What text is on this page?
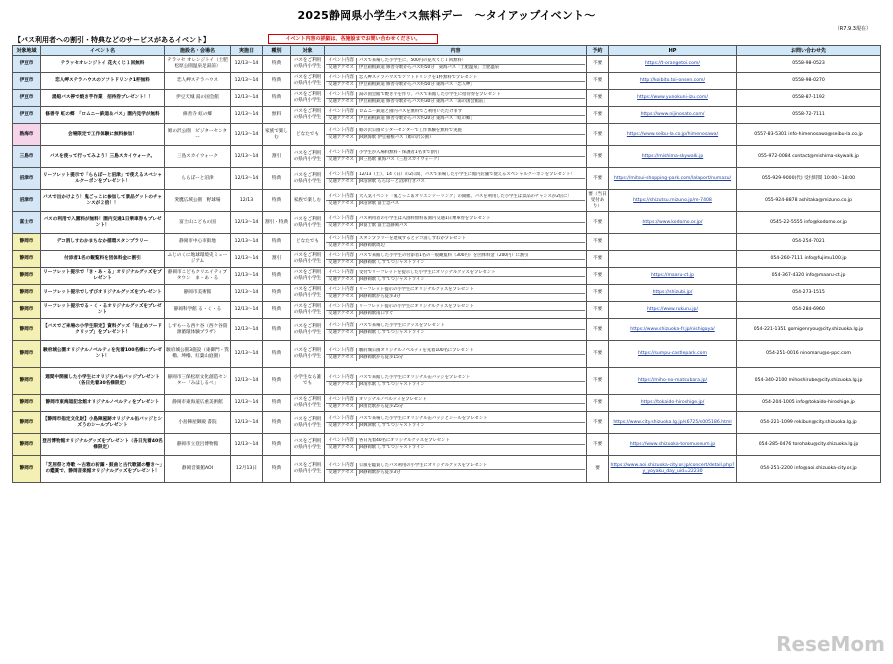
2025静岡県小学生バス無料デー　～タイアップイベント～
（R7.9.3現在）
【バス利用者への割引・特典などのサービスがあるイベント】	イベント内容の詳細は、各施設までお問い合わせください。
対象地域	イベント名	施設名・会場名	実施日	種別	対象	内容	予約	HP	お問い合わせ先
伊豆市	テラッセオレンジトイ 花火くじ１回無料	テラッセ オレンジトイ（土肥松原公園温泉足湯前）	12/13～14	特典	バスをご利用の県内小学生	イベント内容 バスで来場した小学生に、500円の花火くじ１回無料！
交通アクセス 伊豆箱根鉄道 修善寺駅からバス約50分　東海バス「土肥温泉」土肥温泉	不要	https://t-orangetoi.com/	0558-98-0523
伊豆市	恋人岬ステラハウスのソフトドリンク1杯無料	恋人岬ステラハウス	12/13～14	特典	バスをご利用の県内小学生	イベント内容 恋人岬ステラハウスでソフトドリンクを1杯無料でプレゼント
交通アクセス 伊豆箱根鉄道 修善寺駅からバス約50分 東海バス「恋人岬」	不要	http://koibito.toi-onsen.com/	0558-98-0270
伊豆市	湯船バス停で焼き芋作業　招待券プレゼント！！	伊豆天城 湯の国会館	12/13～14	特典	バスをご利用の県内小学生	イベント内容 湯の国会館で焼き芋を作り、バスで来館した小学生に招待券をプレゼント
交通アクセス 伊豆箱根鉄道 修善寺駅からバス約30分 東海バス「湯の国会館前」	不要	https://www.yunokuni-izu.com/	0558-87-1192
伊豆市	修善寺 虹の郷　「ロムニー鉄道＆バス」園内見学が無料	修善寺 虹の郷	12/13～14	無料	バスをご利用の県内小学生	イベント内容 ロムニー鉄道と園内バスを無料でご利用いただけます
交通アクセス 伊豆箱根鉄道 修善寺駅からバス約20分 東海バス「虹の郷」	不要	https://www.nijinosato.com/	0558-72-7111
熱海市	会場限定で工作体験に無料参加！	姫の沢公園　ビジターセンター	12/13～14	家族で楽しむ	どなたでも	イベント内容 姫の沢公園ビジターセンターで工作体験を無料で実施
交通アクセス JR熱海駅 伊豆箱根バス（姫の沢公園）	不要	https://www.seibu-la.co.jp/himenosawa/	0557-83-5301 info-himenosawa@seibu-la.co.jp
三島市	バスを使って行ってみよう！三島スカイウォーク。	三島スカイウォーク	12/13～14	割引	バスをご利用の県内小学生	イベント内容 小学生が入場料無料・保護者1名まで割引
交通アクセス JR三島駅 東海バス（三島スカイウォーク）	不要	https://mishima-skywalk.jp	055-972-0084 contact@mishima-skywalk.jp
沼津市	リーフレット提示で「ららぽーと沼津」で使えるスペシャルクーポンをプレゼント！	ららぽーと沼津	12/13～14	特典	バスをご利用の県内小学生	イベント内容 12/13（土）、14（日）の2日間、バスで来場した小学生に館内店舗で使えるスペシャルクーポンをプレゼント！
交通アクセス JR沼津駅 ららぽーと沼津行きバス	不要	https://mitsui-shopping-park.com/lalaport/numazu/	055-929-9000(代) 受付時間 10:00～18:00
沼津市	バスで出かけよう！鬼ごっこに参加して景品ゲットのチャンスが２倍！！	愛鷹広域公園　野球場	12/13	特典	家族で楽しむ	イベント内容 大人気イベント「鬼ごっこ＆オリエンテーリング」の開催。バスを利用した小学生は景品のチャンスが2倍に！
交通アクセス JR沼津駅 富士急バス	要（当日受付あり）	https://shizutsu.mizuno.jp/m-7408	055-924-8878 ashitaka@mizuno.co.jp
富士市	バスの利用で入園料が無料！園内交通1日乗車券もプレゼント！	富士山こどもの国	12/13～14	割引・特典	バスをご利用の県内小学生	イベント内容 バス利用者の小学生は入園料無料＆園内交通1日乗車券をプレゼント
交通アクセス JR富士駅 富士急静岡バス	不要	https://www.kodomo.or.jp/	0545-22-5555 info@kodomo.or.jp
静岡市	デコ消しすわかまちなか循環スタンプラリー	静岡市中心市街地	12/13～14	特典	どなたでも	イベント内容 スタンプラリーを達成するとデコ消しすわかプレゼント
交通アクセス JR静岡駅周辺	不要		054-254-7021
静岡市	付添者1名の観覧料を団体料金に割引	ふじのくに地球環境史ミュージアム	12/13～14	割引	バスをご利用の県内小学生	イベント内容 バスで来館した小学生の付添者1名の一般観覧料（300円）を団体料金（200円）に割引
交通アクセス JR静岡駅 しずてつジャストライン	不要		054-260-7111 info@fujimu100.jp
静岡市	リーフレット提示で「き・あ・る」オリジナルグッズをプレゼント	静岡市こどもクリエイティブタウン　ま・あ・る	12/13～14	特典	バスをご利用の県内小学生	イベント内容 受付でリーフレットを提示した小学生にオリジナルグッズをプレゼント
交通アクセス JR静岡駅 しずてつジャストライン	不要	https://maaru-ct.jp	054-367-4320 info@maaru-ct.jp
静岡市	リーフレット提示でしずびオリジナルグッズをプレゼント	静岡市美術館	12/13～14	特典	バスをご利用の県内小学生	イベント内容 リーフレット提示の小学生にオリジナルグッズをプレゼント
交通アクセス JR静岡駅から徒歩3分	不要	https://shizubi.jp/	054-273-1515
静岡市	リーフレット提示でる・く・るオリジナルグッズをプレゼント	静岡科学館 る・く・る	12/13～14	特典	バスをご利用の県内小学生	イベント内容 リーフレット提示の小学生にオリジナルグッズをプレゼント
交通アクセス JR静岡駅南口すぐ	不要	https://www.rukuru.jp/	054-284-6960
静岡市	【バスでご来場の小学生限定】資料グッズ「缶止めフードクリップ」をプレゼント！	しずもーる西ケ谷（西ケ谷資源循環体験プラザ）	12/13～14	特典	バスをご利用の県内小学生	イベント内容 バスで来場した小学生にグッズをプレゼント
交通アクセス JR静岡駅 しずてつジャストライン	不要	https://www.shizuoka-fr.jp/nishigaya/	054-221-1351 gomigenryou@city.shizuoka.lg.jp
静岡市	駿府城公園オリジナルノベルティを先着100名様にプレゼント！	駿府城公園3施設（東御門・巽櫓、坤櫓、紅葉山庭園）	12/13～14	特典	バスをご利用の県内小学生	イベント内容 駿府城公園オリジナルノベルティを先着100名にプレゼント
交通アクセス JR静岡駅から徒歩15分	不要	https://sumpu-castlepark.com	054-251-0016 ninomaru@o-ppc.com
静岡市	週間中開催した小学生にオリジナル缶バッジプレゼント（各日先着30名様限定）	静岡市三保松原文化創造センター「みほしるべ」	12/13～14	特典	小学生なら誰でも	イベント内容 バスで来館した小学生にオリジナル缶バッジをプレゼント
交通アクセス JR清水駅 しずてつジャストライン	不要	https://miho-no-matsubara.jp/	054-340-2100 mihoshirube@city.shizuoka.lg.jp
静岡市	静岡市東海道記念館オリジナルノベルティをプレゼント	静岡市東海道広重美術館	12/13～14	特典	バスをご利用の県内小学生	イベント内容 オリジナルノベルティをプレゼント
交通アクセス JR由比駅から徒歩25分	不要	https://tokaido-hiroshige.jp/	054-204-1005 info@tokaido-hiroshige.jp
静岡市	【静岡市指定文化財】小島陣屋跡オリジナル缶バッジとシズうのシールプレゼント	小島陣屋御殿 書院	12/13～14	特典	バスをご利用の県内小学生	イベント内容 バスで来場した小学生にオリジナル缶バッジとシールをプレゼント
交通アクセス JR興津駅 しずてつジャストライン	不要	https://www.city.shizuoka.lg.jp/s6725/s005186.html	054-221-1099 rekibun@city.shizuoka.lg.jp
静岡市	登呂博物館オリジナルグッズをプレゼント（各日先着40名様限定）	静岡市立登呂博物館	12/13～14	特典	バスをご利用の県内小学生	イベント内容 各日先着40名にオリジナルグッズをプレゼント
交通アクセス JR静岡駅 しずてつジャストライン	不要	https://www.shizuoka-toromuseum.jp	054-285-0476 torohaku@city.shizuoka.lg.jp
静岡市	「芝居祭と寿歌 ～古雅の祈躍・鼓曲と古代歌謡の響き～」の鑑賞で、静岡音楽館オリジナルグッズをプレゼント！	静岡音楽館AOI	12月13日	特典	バスをご利用の県内小学生	イベント内容 公演を鑑賞したバス利用の小学生にオリジナルグッズをプレゼント
交通アクセス JR静岡駅から徒歩3分	要	https://www.aoi.shizuoka-city.or.jp/concert/detail.php?y_yoyaku_day_uid=22230	054-251-2200 info@aoi.shizuoka-city.or.jp
ReseMom
